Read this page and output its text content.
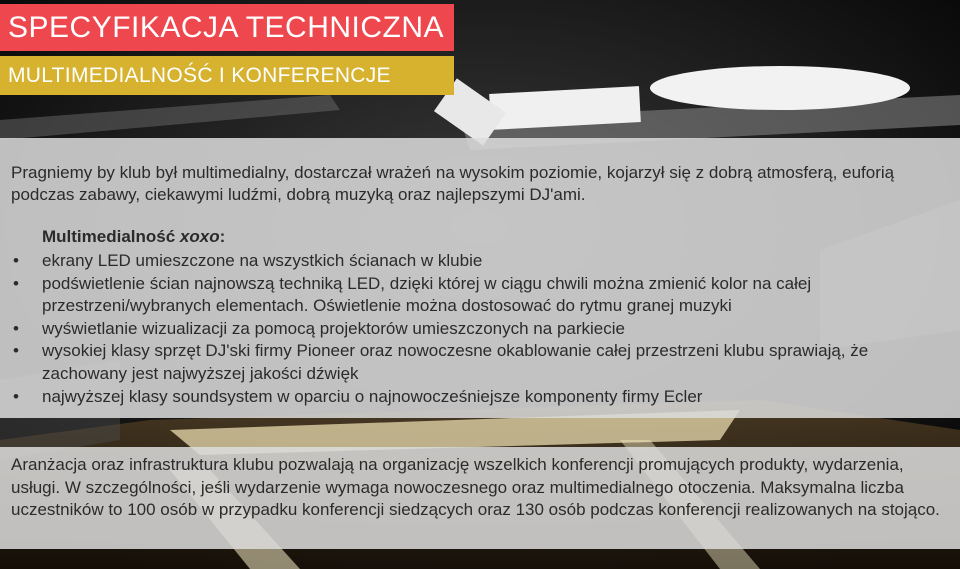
SPECYFIKACJA TECHNICZNA
MULTIMEDIALNOŚĆ I KONFERENCJE

Pragniemy by klub był multimedialny, dostarczał wrażeń na wysokim poziomie, kojarzył się z dobrą atmosferą, euforią podczas zabawy, ciekawymi ludźmi, dobrą muzyką oraz najlepszymi DJ'ami.

Multimedialność xoxo:
• ekrany LED umieszczone na wszystkich ścianach w klubie
• podświetlenie ścian najnowszą techniką LED, dzięki której w ciągu chwili można zmienić kolor na całej przestrzeni/wybranych elementach. Oświetlenie można dostosować do rytmu granej muzyki
• wyświetlanie wizualizacji za pomocą projektorów umieszczonych na parkiecie
• wysokiej klasy sprzęt DJ'ski firmy Pioneer oraz nowoczesne okablowanie całej przestrzeni klubu sprawiają, że zachowany jest najwyższej jakości dźwięk
• najwyższej klasy soundsystem w oparciu o najnowocześniejsze komponenty firmy Ecler

Aranżacja oraz infrastruktura klubu pozwalają na organizację wszelkich konferencji promujących produkty, wydarzenia, usługi. W szczególności, jeśli wydarzenie wymaga nowoczesnego oraz multimedialnego otoczenia. Maksymalna liczba uczestników to 100 osób w przypadku konferencji siedzących oraz 130 osób podczas konferencji realizowanych na stojąco.
